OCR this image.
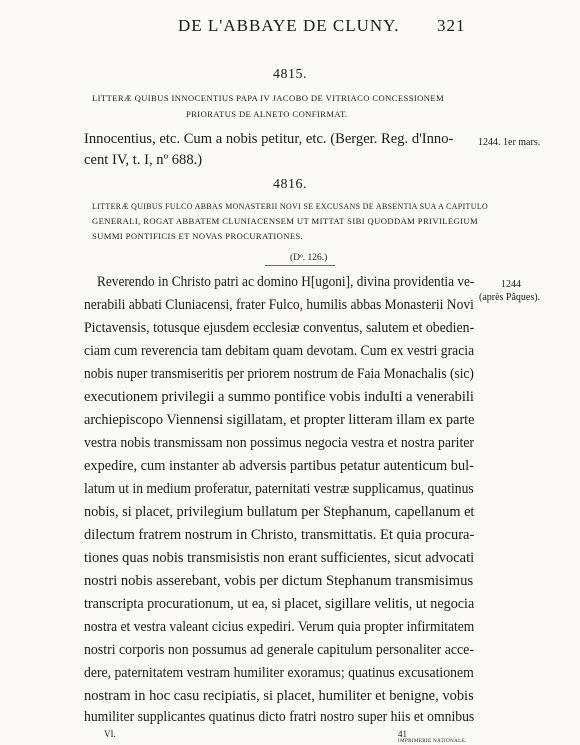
DE L'ABBAYE DE CLUNY. 321
4815.
LITTERÆ QUIBUS INNOCENTIUS PAPA IV JACOBO DE VITRIACO CONCESSIONEM
PRIORATUS DE ALNETO CONFIRMAT.
Innocentius, etc. Cum a nobis petitur, etc. (Berger. Reg. d'Inno-
cent IV, t. I, nº 688.)
1244. 1er mars.
4816.
LITTERÆ QUIBUS FULCO ABBAS MONASTERII NOVI SE EXCUSANS DE ABSENTIA SUA A CAPITULO
GENERALI, ROGAT ABBATEM CLUNIACENSEM UT MITTAT SIBI QUODDAM PRIVILEGIUM
SUMMI PONTIFICIS ET NOVAS PROCURATIONES.
(Dᵒ. 126.)
1244
(après Pâques).
Reverendo in Christo patri ac domino H[ugoni], divina providentia ve-
nerabili abbati Cluniacensi, frater Fulco, humilis abbas Monasterii Novi
Pictavensis, totusque ejusdem ecclesiæ conventus, salutem et obedien-
ciam cum reverencia tam debitam quam devotam. Cum ex vestri gracia
nobis nuper transmiseritis per priorem nostrum de Faia Monachalis (sic)
executionem privilegii a summo pontifice vobis induIti a venerabili
archiepiscopo Viennensi sigillatam, et propter litteram illam ex parte
vestra nobis transmissam non possimus negocia vestra et nostra pariter
expedire, cum instanter ab adversis partibus petatur autenticum bul-
latum ut in medium proferatur, paternitati vestræ supplicamus, quatinus
nobis, si placet, privilegium bullatum per Stephanum, capellanum et
dilectum fratrem nostrum in Christo, transmittatis. Et quia procura-
tiones quas nobis transmisistis non erant sufficientes, sicut advocati
nostri nobis asserebant, vobis per dictum Stephanum transmisimus
transcripta procurationum, ut ea, si placet, sigillare velitis, ut negocia
nostra et vestra valeant cicius expediri. Verum quia propter infirmitatem
nostri corporis non possumus ad generale capitulum personaliter acce-
dere, paternitatem vestram humiliter exoramus; quatinus excusationem
nostram in hoc casu recipiatis, si placet, humiliter et benigne, vobis
humiliter supplicantes quatinus dicto fratri nostro super hiis et omnibus
VI.	41
IMPRIMERIE NATIONALE.
